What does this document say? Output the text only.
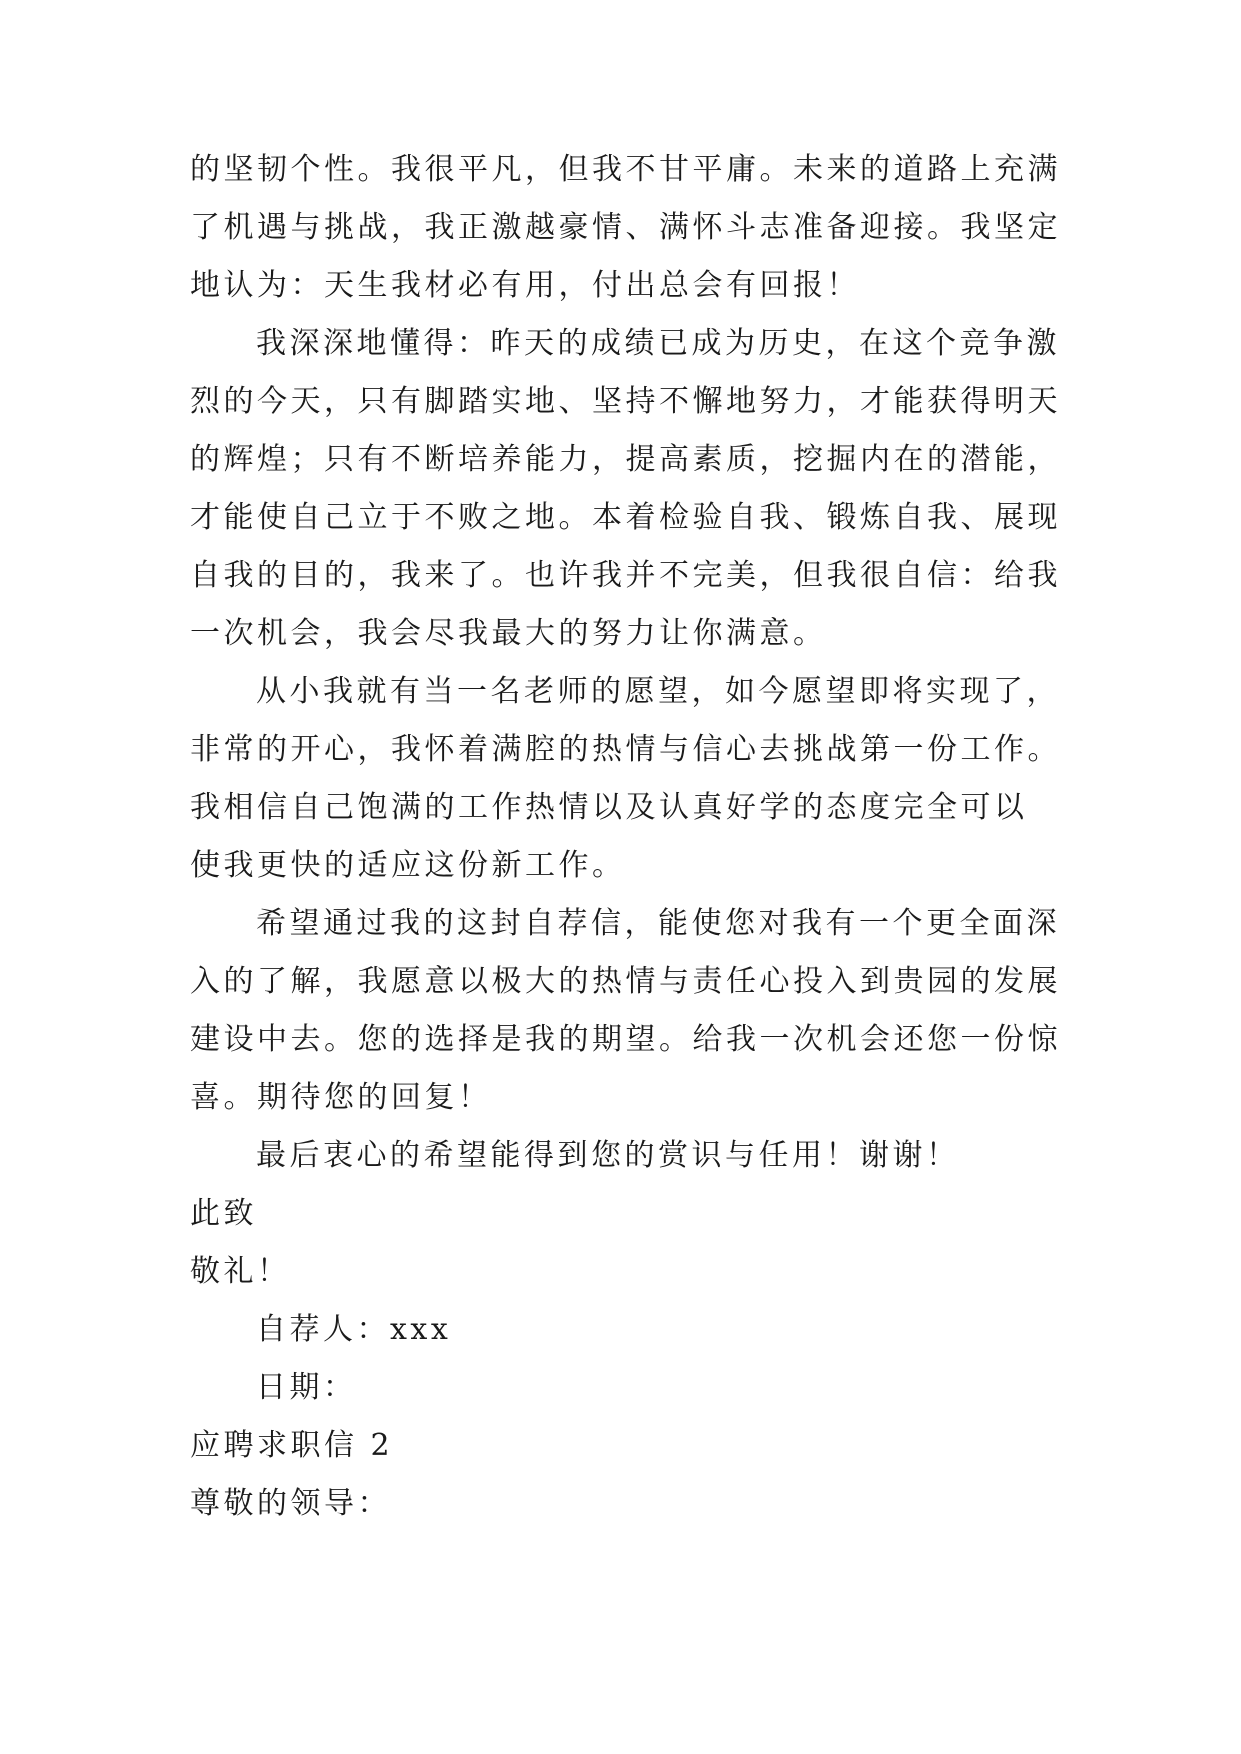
的坚韧个性。我很平凡，但我不甘平庸。未来的道路上充满
了机遇与挑战，我正激越豪情、满怀斗志准备迎接。我坚定
地认为：天生我材必有用，付出总会有回报！
我深深地懂得：昨天的成绩已成为历史，在这个竞争激
烈的今天，只有脚踏实地、坚持不懈地努力，才能获得明天
的辉煌；只有不断培养能力，提高素质，挖掘内在的潜能，
才能使自己立于不败之地。本着检验自我、锻炼自我、展现
自我的目的，我来了。也许我并不完美，但我很自信：给我
一次机会，我会尽我最大的努力让你满意。
从小我就有当一名老师的愿望，如今愿望即将实现了，
非常的开心，我怀着满腔的热情与信心去挑战第一份工作。
我相信自己饱满的工作热情以及认真好学的态度完全可以
使我更快的适应这份新工作。
希望通过我的这封自荐信，能使您对我有一个更全面深
入的了解，我愿意以极大的热情与责任心投入到贵园的发展
建设中去。您的选择是我的期望。给我一次机会还您一份惊
喜。期待您的回复！
最后衷心的希望能得到您的赏识与任用！谢谢！
此致
敬礼！
自荐人：xxx
日期：
应聘求职信 2
尊敬的领导：
